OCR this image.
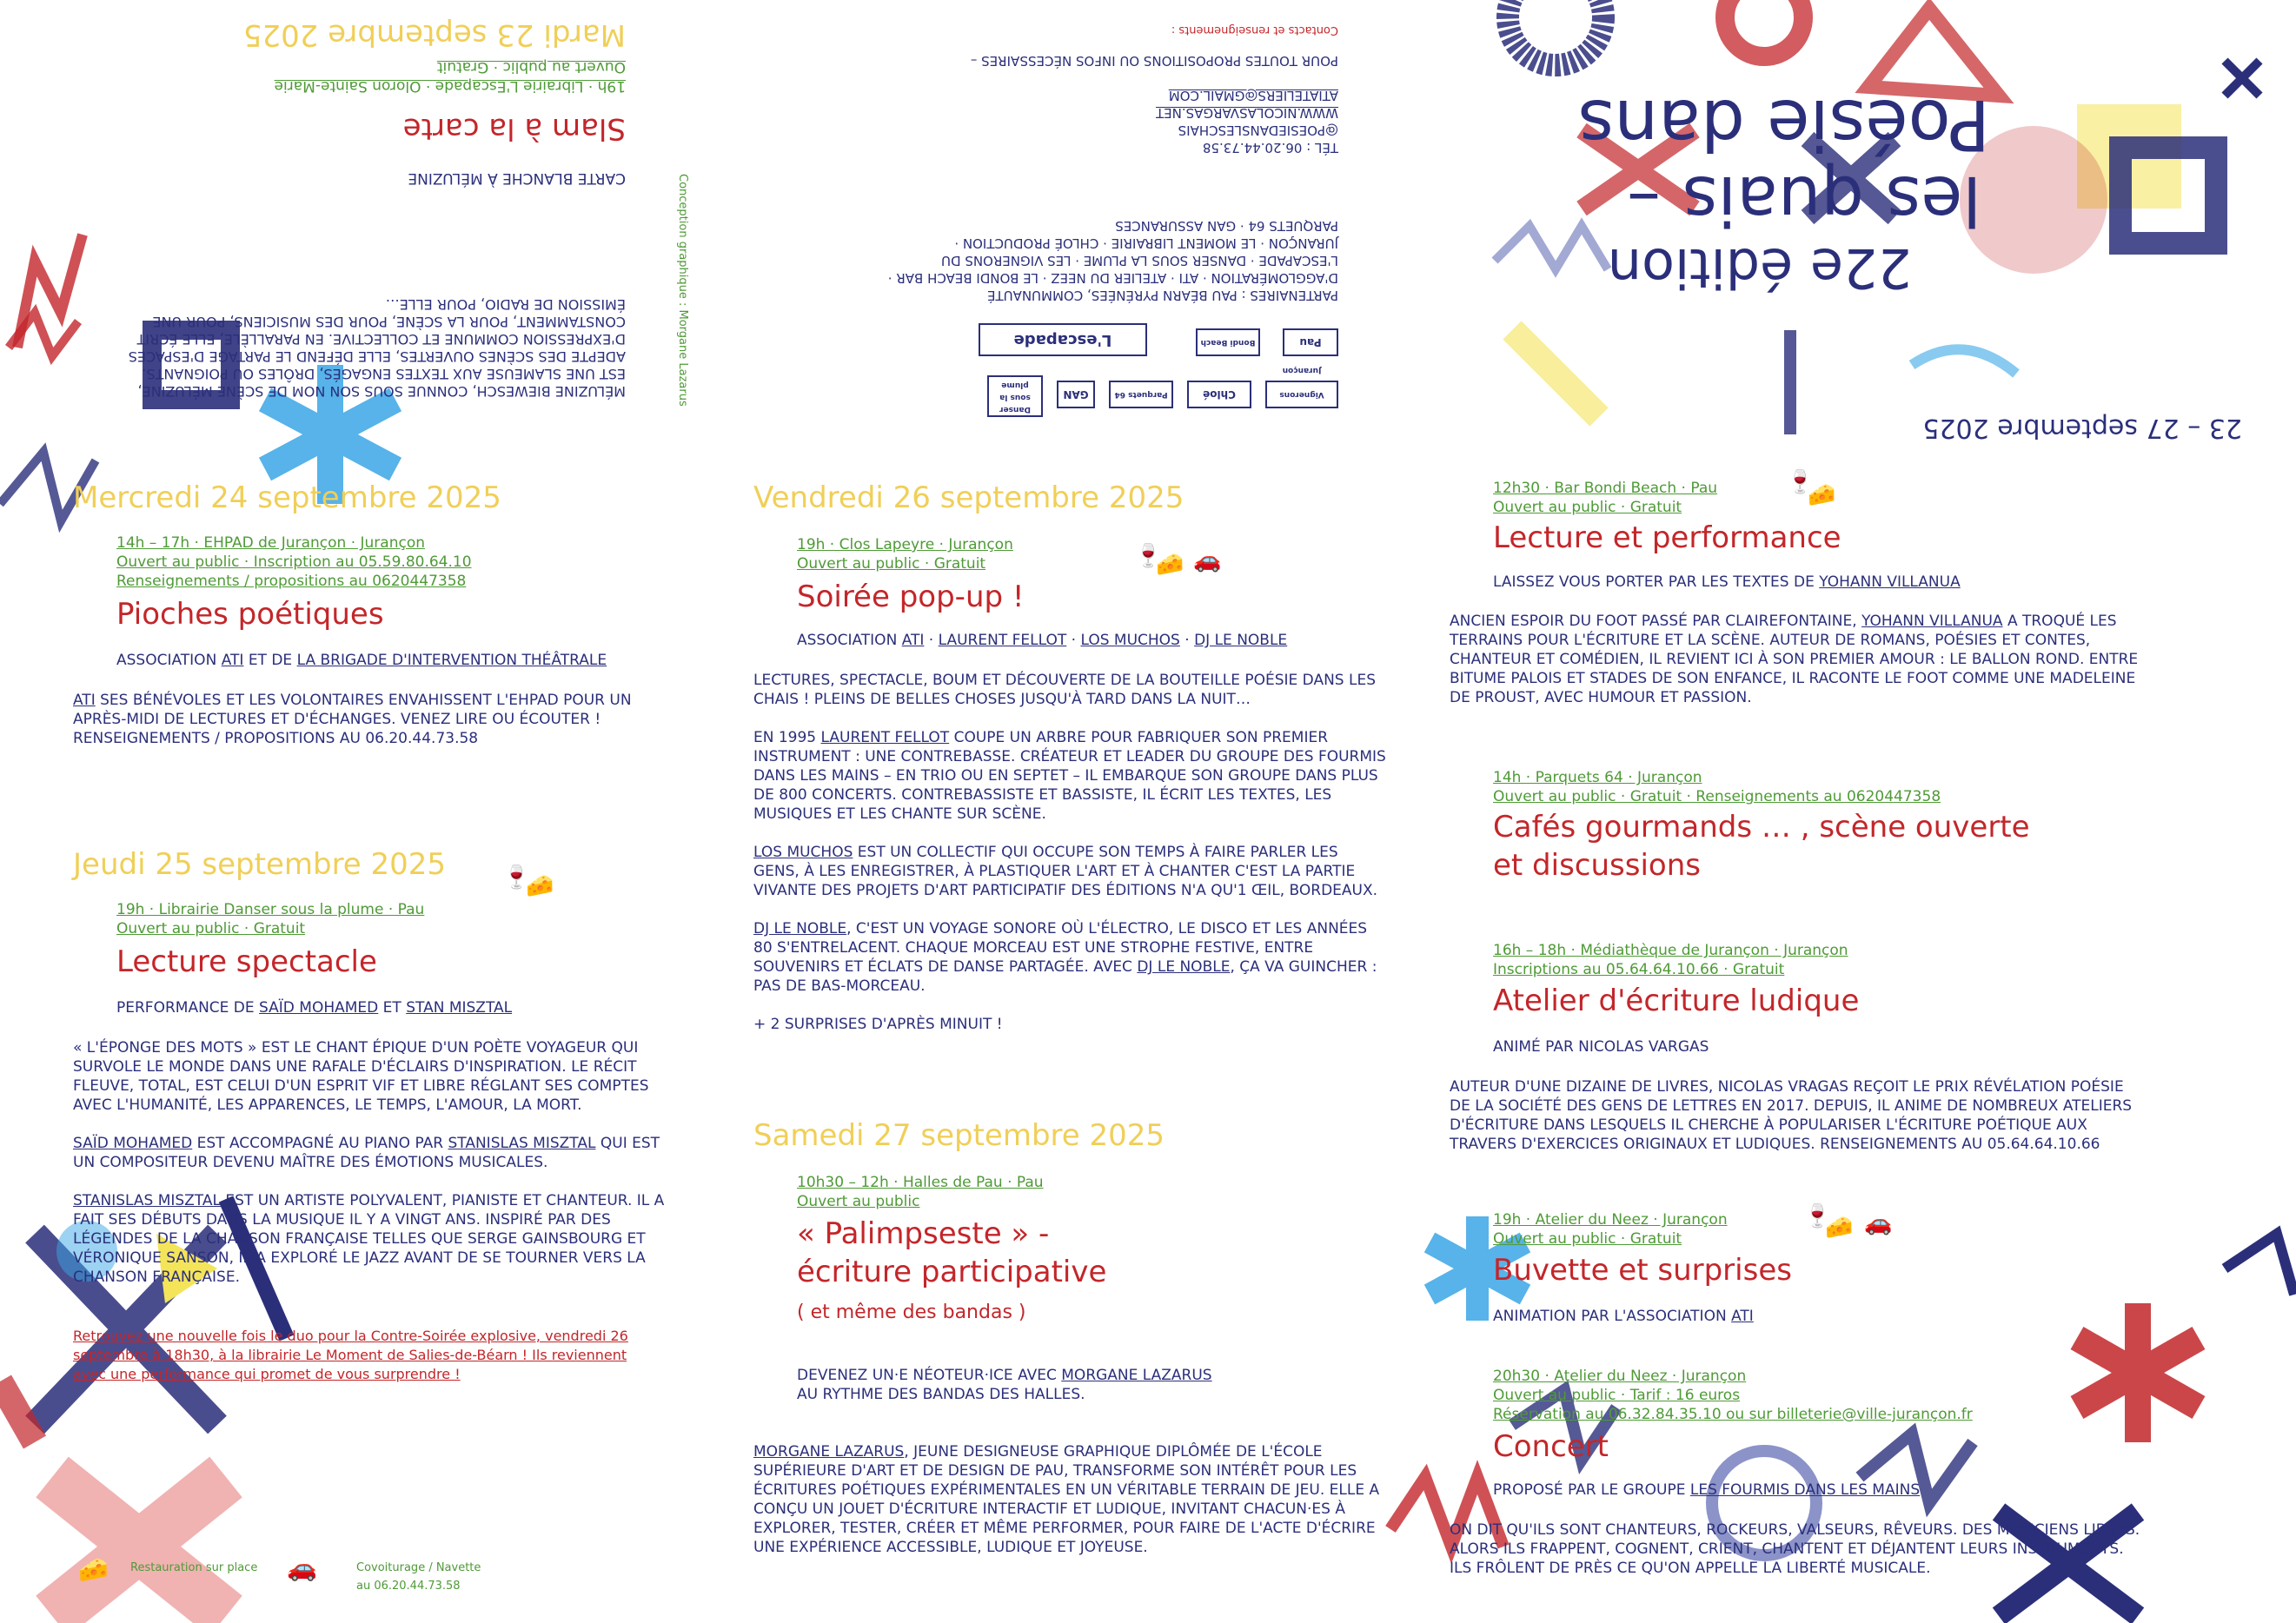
23 – 27 septembre 2025
22e édition
les quais –
Poésie dans
Conception graphique : Morgane Lazarus	Vignerons Jurançon
Chloé
Parquets 64
GAN
Danser sous la plume
Pau
Bondi Beach
L'escapade
PARTENAIRES : PAU BÉARN PYRÉNÉES, COMMUNAUTÉ D'AGGLOMÉRATION · ATI · ATELIER DU NEEZ · LE BONDI BEACH BAR · L'ESCAPADE · DANSER SOUS LA PLUME · LES VIGNERONS DU JURANÇON · LE MOMENT LIBRAIRIE · CHLOÉ PRODUCTION · PARQUETS 64 · GAN ASSURANCES
TÉL : 06.20.44.73.58
@POESIEDANSLESCHAIS
WWW.NICOLASVARGAS.NET
ATIATELIERS@GMAIL.COM
POUR TOUTES PROPOSITIONS OU INFOS NÉCESSAIRES –
Contacts et renseignements :
MÉLUZINE BIEWESCH, CONNUE SOUS SON NOM DE SCÈNE MÉLUZINE, EST UNE SLAMEUSE AUX TEXTES ENGAGÉS, DRÔLES OU POIGNANTS. ADEPTE DES SCÈNES OUVERTES, ELLE DÉFEND LE PARTAGE D'ESPACES D'EXPRESSION COMMUNE ET COLLECTIVE. EN PARALLÈLE, ELLE ÉCRIT CONSTAMMENT, POUR LA SCÈNE, POUR DES MUSICIENS, POUR UNE ÉMISSION DE RADIO, POUR ELLE…
CARTE BLANCHE À MÉLUZINE
Slam à la carte
19h · Librairie L'Escapade · Oloron Sainte-Marie
Ouvert au public · Gratuit
Mardi 23 septembre 2025
Mercredi 24 septembre 2025
14h – 17h · EHPAD de Jurançon · Jurançon
Ouvert au public · Inscription au 05.59.80.64.10
Renseignements / propositions au 0620447358
Pioches poétiques
ASSOCIATION ATI ET DE LA BRIGADE D'INTERVENTION THÉÂTRALE
ATI SES BÉNÉVOLES ET LES VOLONTAIRES ENVAHISSENT L'EHPAD POUR UN APRÈS-MIDI DE LECTURES ET D'ÉCHANGES. VENEZ LIRE OU ÉCOUTER ! RENSEIGNEMENTS / PROPOSITIONS AU 06.20.44.73.58
Jeudi 25 septembre 2025 🍷
🧀
19h · Librairie Danser sous la plume · Pau
Ouvert au public · Gratuit
Lecture spectacle
PERFORMANCE DE SAÏD MOHAMED ET STAN MISZTAL

« L'ÉPONGE DES MOTS » EST LE CHANT ÉPIQUE D'UN POÈTE VOYAGEUR QUI SURVOLE LE MONDE DANS UNE RAFALE D'ÉCLAIRS D'INSPIRATION. LE RÉCIT FLEUVE, TOTAL, EST CELUI D'UN ESPRIT VIF ET LIBRE RÉGLANT SES COMPTES AVEC L'HUMANITÉ, LES APPARENCES, LE TEMPS, L'AMOUR, LA MORT.

SAÏD MOHAMED EST ACCOMPAGNÉ AU PIANO PAR STANISLAS MISZTAL QUI EST UN COMPOSITEUR DEVENU MAÎTRE DES ÉMOTIONS MUSICALES.

STANISLAS MISZTAL EST UN ARTISTE POLYVALENT, PIANISTE ET CHANTEUR. IL A FAIT SES DÉBUTS DANS LA MUSIQUE IL Y A VINGT ANS. INSPIRÉ PAR DES LÉGENDES DE LA CHANSON FRANÇAISE TELLES QUE SERGE GAINSBOURG ET VÉRONIQUE SANSON, IL A EXPLORÉ LE JAZZ AVANT DE SE TOURNER VERS LA CHANSON FRANÇAISE.

Retrouvez une nouvelle fois le duo pour la Contre-Soirée explosive, vendredi 26 septembre à 18h30, à la librairie Le Moment de Salies-de-Béarn ! Ils reviennent avec une performance qui promet de vous surprendre !
🧀 Restauration sur place 🚗	Covoiturage / Navette
au 06.20.44.73.58
Vendredi 26 septembre 2025
🍷
🧀 🚗
19h · Clos Lapeyre · Jurançon
Ouvert au public · Gratuit
Soirée pop-up !
ASSOCIATION ATI · LAURENT FELLOT · LOS MUCHOS · DJ LE NOBLE

LECTURES, SPECTACLE, BOUM ET DÉCOUVERTE DE LA BOUTEILLE POÉSIE DANS LES CHAIS ! PLEINS DE BELLES CHOSES JUSQU'À TARD DANS LA NUIT…

EN 1995 LAURENT FELLOT COUPE UN ARBRE POUR FABRIQUER SON PREMIER INSTRUMENT : UNE CONTREBASSE. CRÉATEUR ET LEADER DU GROUPE DES FOURMIS DANS LES MAINS – EN TRIO OU EN SEPTET – IL EMBARQUE SON GROUPE DANS PLUS DE 800 CONCERTS. CONTREBASSISTE ET BASSISTE, IL ÉCRIT LES TEXTES, LES MUSIQUES ET LES CHANTE SUR SCÈNE.

LOS MUCHOS EST UN COLLECTIF QUI OCCUPE SON TEMPS À FAIRE PARLER LES GENS, À LES ENREGISTRER, À PLASTIQUER L'ART ET À CHANTER C'EST LA PARTIE VIVANTE DES PROJETS D'ART PARTICIPATIF DES ÉDITIONS N'A QU'1 ŒIL, BORDEAUX.

DJ LE NOBLE, C'EST UN VOYAGE SONORE OÙ L'ÉLECTRO, LE DISCO ET LES ANNÉES 80 S'ENTRELACENT. CHAQUE MORCEAU EST UNE STROPHE FESTIVE, ENTRE SOUVENIRS ET ÉCLATS DE DANSE PARTAGÉE. AVEC DJ LE NOBLE, ÇA VA GUINCHER : PAS DE BAS-MORCEAU.

+ 2 SURPRISES D'APRÈS MINUIT !

Samedi 27 septembre 2025
10h30 – 12h · Halles de Pau · Pau
Ouvert au public
« Palimpseste » -
écriture participative
( et même des bandas )
DEVENEZ UN·E NÉOTEUR·ICE AVEC MORGANE LAZARUS
AU RYTHME DES BANDAS DES HALLES.
MORGANE LAZARUS, JEUNE DESIGNEUSE GRAPHIQUE DIPLÔMÉE DE L'ÉCOLE SUPÉRIEURE D'ART ET DE DESIGN DE PAU, TRANSFORME SON INTÉRÊT POUR LES ÉCRITURES POÉTIQUES EXPÉRIMENTALES EN UN VÉRITABLE TERRAIN DE JEU. ELLE A CONÇU UN JOUET D'ÉCRITURE INTERACTIF ET LUDIQUE, INVITANT CHACUN·ES À EXPLORER, TESTER, CRÉER ET MÊME PERFORMER, POUR FAIRE DE L'ACTE D'ÉCRIRE UNE EXPÉRIENCE ACCESSIBLE, LUDIQUE ET JOYEUSE.
12h30 · Bar Bondi Beach · Pau
Ouvert au public · Gratuit
🍷
🧀
Lecture et performance
LAISSEZ VOUS PORTER PAR LES TEXTES DE YOHANN VILLANUA
ANCIEN ESPOIR DU FOOT PASSÉ PAR CLAIREFONTAINE, YOHANN VILLANUA A TROQUÉ LES TERRAINS POUR L'ÉCRITURE ET LA SCÈNE. AUTEUR DE ROMANS, POÉSIES ET CONTES, CHANTEUR ET COMÉDIEN, IL REVIENT ICI À SON PREMIER AMOUR : LE BALLON ROND. ENTRE BITUME PALOIS ET STADES DE SON ENFANCE, IL RACONTE LE FOOT COMME UNE MADELEINE DE PROUST, AVEC HUMOUR ET PASSION.
14h · Parquets 64 · Jurançon
Ouvert au public · Gratuit · Renseignements au 0620447358
Cafés gourmands … , scène ouverte
et discussions
16h – 18h · Médiathèque de Jurançon · Jurançon
Inscriptions au 05.64.64.10.66 · Gratuit
Atelier d'écriture ludique
ANIMÉ PAR NICOLAS VARGAS
AUTEUR D'UNE DIZAINE DE LIVRES, NICOLAS VRAGAS REÇOIT LE PRIX RÉVÉLATION POÉSIE DE LA SOCIÉTÉ DES GENS DE LETTRES EN 2017. DEPUIS, IL ANIME DE NOMBREUX ATELIERS D'ÉCRITURE DANS LESQUELS IL CHERCHE À POPULARISER L'ÉCRITURE POÉTIQUE AUX TRAVERS D'EXERCICES ORIGINAUX ET LUDIQUES. RENSEIGNEMENTS AU 05.64.64.10.66
19h · Atelier du Neez · Jurançon
Ouvert au public · Gratuit
🍷
🧀 🚗
Buvette et surprises
ANIMATION PAR L'ASSOCIATION ATI
20h30 · Atelier du Neez · Jurançon
Ouvert au public · Tarif : 16 euros
Réservation au 06.32.84.35.10 ou sur billeterie@ville-jurançon.fr
Concert
PROPOSÉ PAR LE GROUPE LES FOURMIS DANS LES MAINS
ON DIT QU'ILS SONT CHANTEURS, ROCKEURS, VALSEURS, RÊVEURS. DES MUSICIENS LIBRES. ALORS ILS FRAPPENT, COGNENT, CRIENT, CHANTENT ET DÉJANTENT LEURS INSTRUMENTS. ILS FRÔLENT DE PRÈS CE QU'ON APPELLE LA LIBERTÉ MUSICALE.
